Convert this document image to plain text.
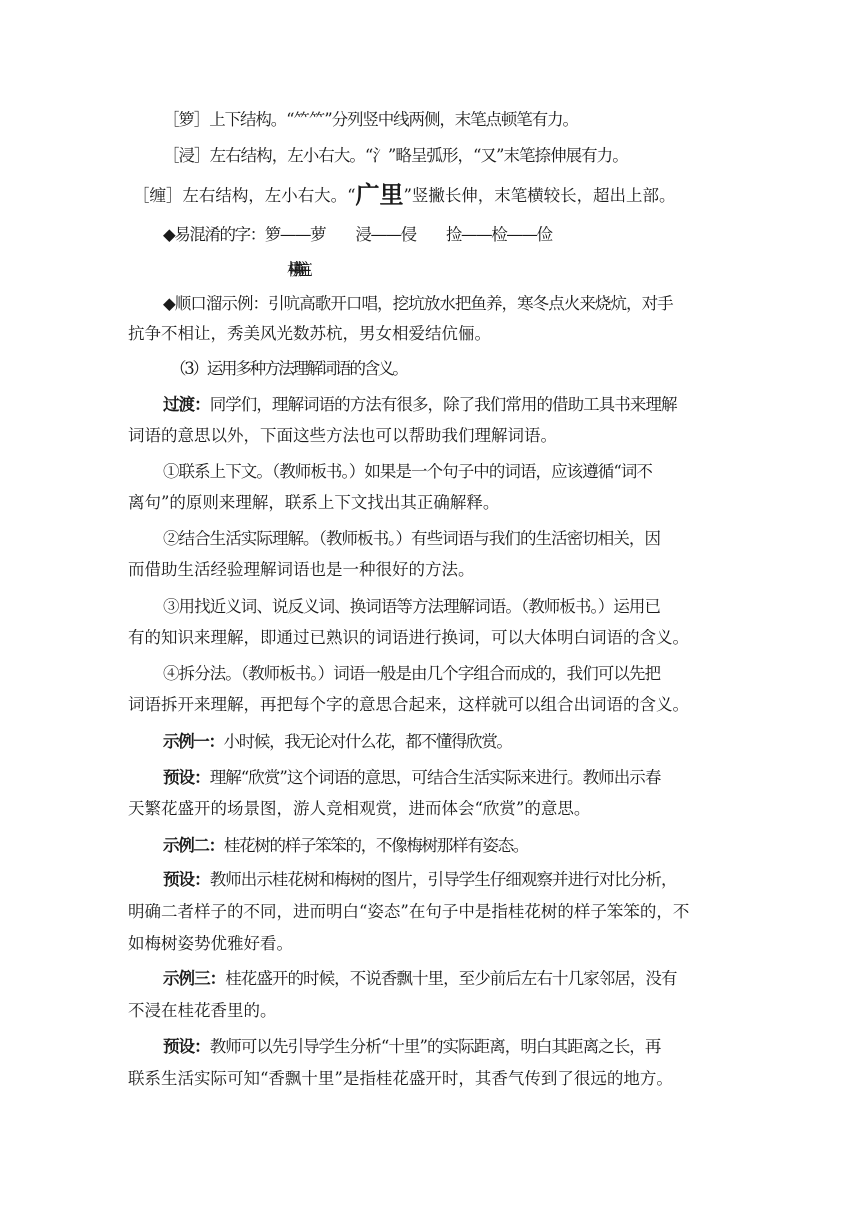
［箩］上下结构。“⺮⺮”分列竖中线两侧，末笔点顿笔有力。
［浸］左右结构，左小右大。“氵”略呈弧形，“又”末笔捺伸展有力。
［缠］左右结构，左小右大。“广里”竖撇长伸，末笔横较长，超出上部。
◆易混淆的字：箩——萝　　浸——侵　　捡——检——俭
杭——吭——抗——坑
◆顺口溜示例：引吭高歌开口唱，挖坑放水把鱼养，寒冬点火来烧炕，对手
抗争不相让，秀美风光数苏杭，男女相爱结伉俪。
（3）运用多种方法理解词语的含义。
过渡：同学们，理解词语的方法有很多，除了我们常用的借助工具书来理解
词语的意思以外，下面这些方法也可以帮助我们理解词语。
①联系上下文。（教师板书。）如果是一个句子中的词语，应该遵循“词不
离句”的原则来理解，联系上下文找出其正确解释。
②结合生活实际理解。（教师板书。）有些词语与我们的生活密切相关，因
而借助生活经验理解词语也是一种很好的方法。
③用找近义词、说反义词、换词语等方法理解词语。（教师板书。）运用已
有的知识来理解，即通过已熟识的词语进行换词，可以大体明白词语的含义。
④拆分法。（教师板书。）词语一般是由几个字组合而成的，我们可以先把
词语拆开来理解，再把每个字的意思合起来，这样就可以组合出词语的含义。
示例一：小时候，我无论对什么花，都不懂得欣赏。
预设：理解“欣赏”这个词语的意思，可结合生活实际来进行。教师出示春
天繁花盛开的场景图，游人竞相观赏，进而体会“欣赏”的意思。
示例二：桂花树的样子笨笨的，不像梅树那样有姿态。
预设：教师出示桂花树和梅树的图片，引导学生仔细观察并进行对比分析，
明确二者样子的不同，进而明白“姿态”在句子中是指桂花树的样子笨笨的，不
如梅树姿势优雅好看。
示例三：桂花盛开的时候，不说香飘十里，至少前后左右十几家邻居，没有
不浸在桂花香里的。
预设：教师可以先引导学生分析“十里”的实际距离，明白其距离之长，再
联系生活实际可知“香飘十里”是指桂花盛开时，其香气传到了很远的地方。
